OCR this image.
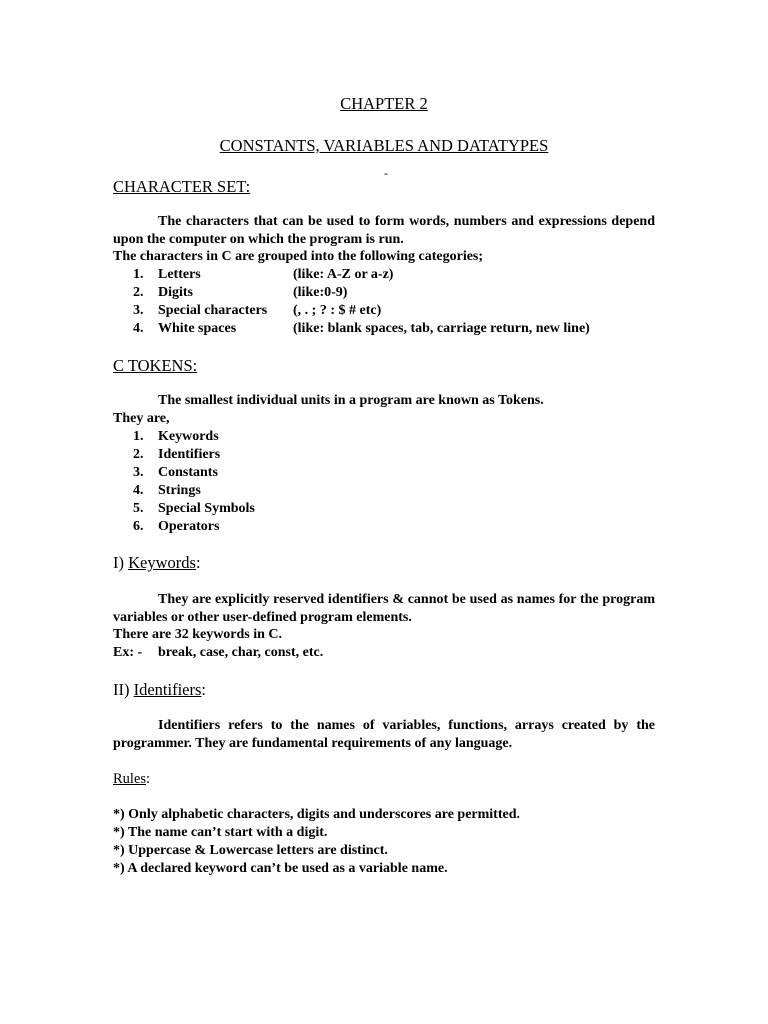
CHAPTER 2
CONSTANTS, VARIABLES AND DATATYPES
-
CHARACTER SET:
The characters that can be used to form words, numbers and expressions depend upon the computer on which the program is run.
The characters in C are grouped into the following categories;
1. Letters	(like: A-Z or a-z)
2. Digits	(like:0-9)
3. Special characters (, . ; ? : $ # etc)
4. White spaces	(like: blank spaces, tab, carriage return, new line)
C TOKENS:
The smallest individual units in a program are known as Tokens.
They are,
1. Keywords
2. Identifiers
3. Constants
4. Strings
5. Special Symbols
6. Operators
I) Keywords:
They are explicitly reserved identifiers & cannot be used as names for the program variables or other user-defined program elements.
There are 32 keywords in C.
Ex: - break, case, char, const, etc.
II) Identifiers:
Identifiers refers to the names of variables, functions, arrays created by the programmer. They are fundamental requirements of any language.
Rules:
*) Only alphabetic characters, digits and underscores are permitted.
*) The name can’t start with a digit.
*) Uppercase & Lowercase letters are distinct.
*) A declared keyword can’t be used as a variable name.
